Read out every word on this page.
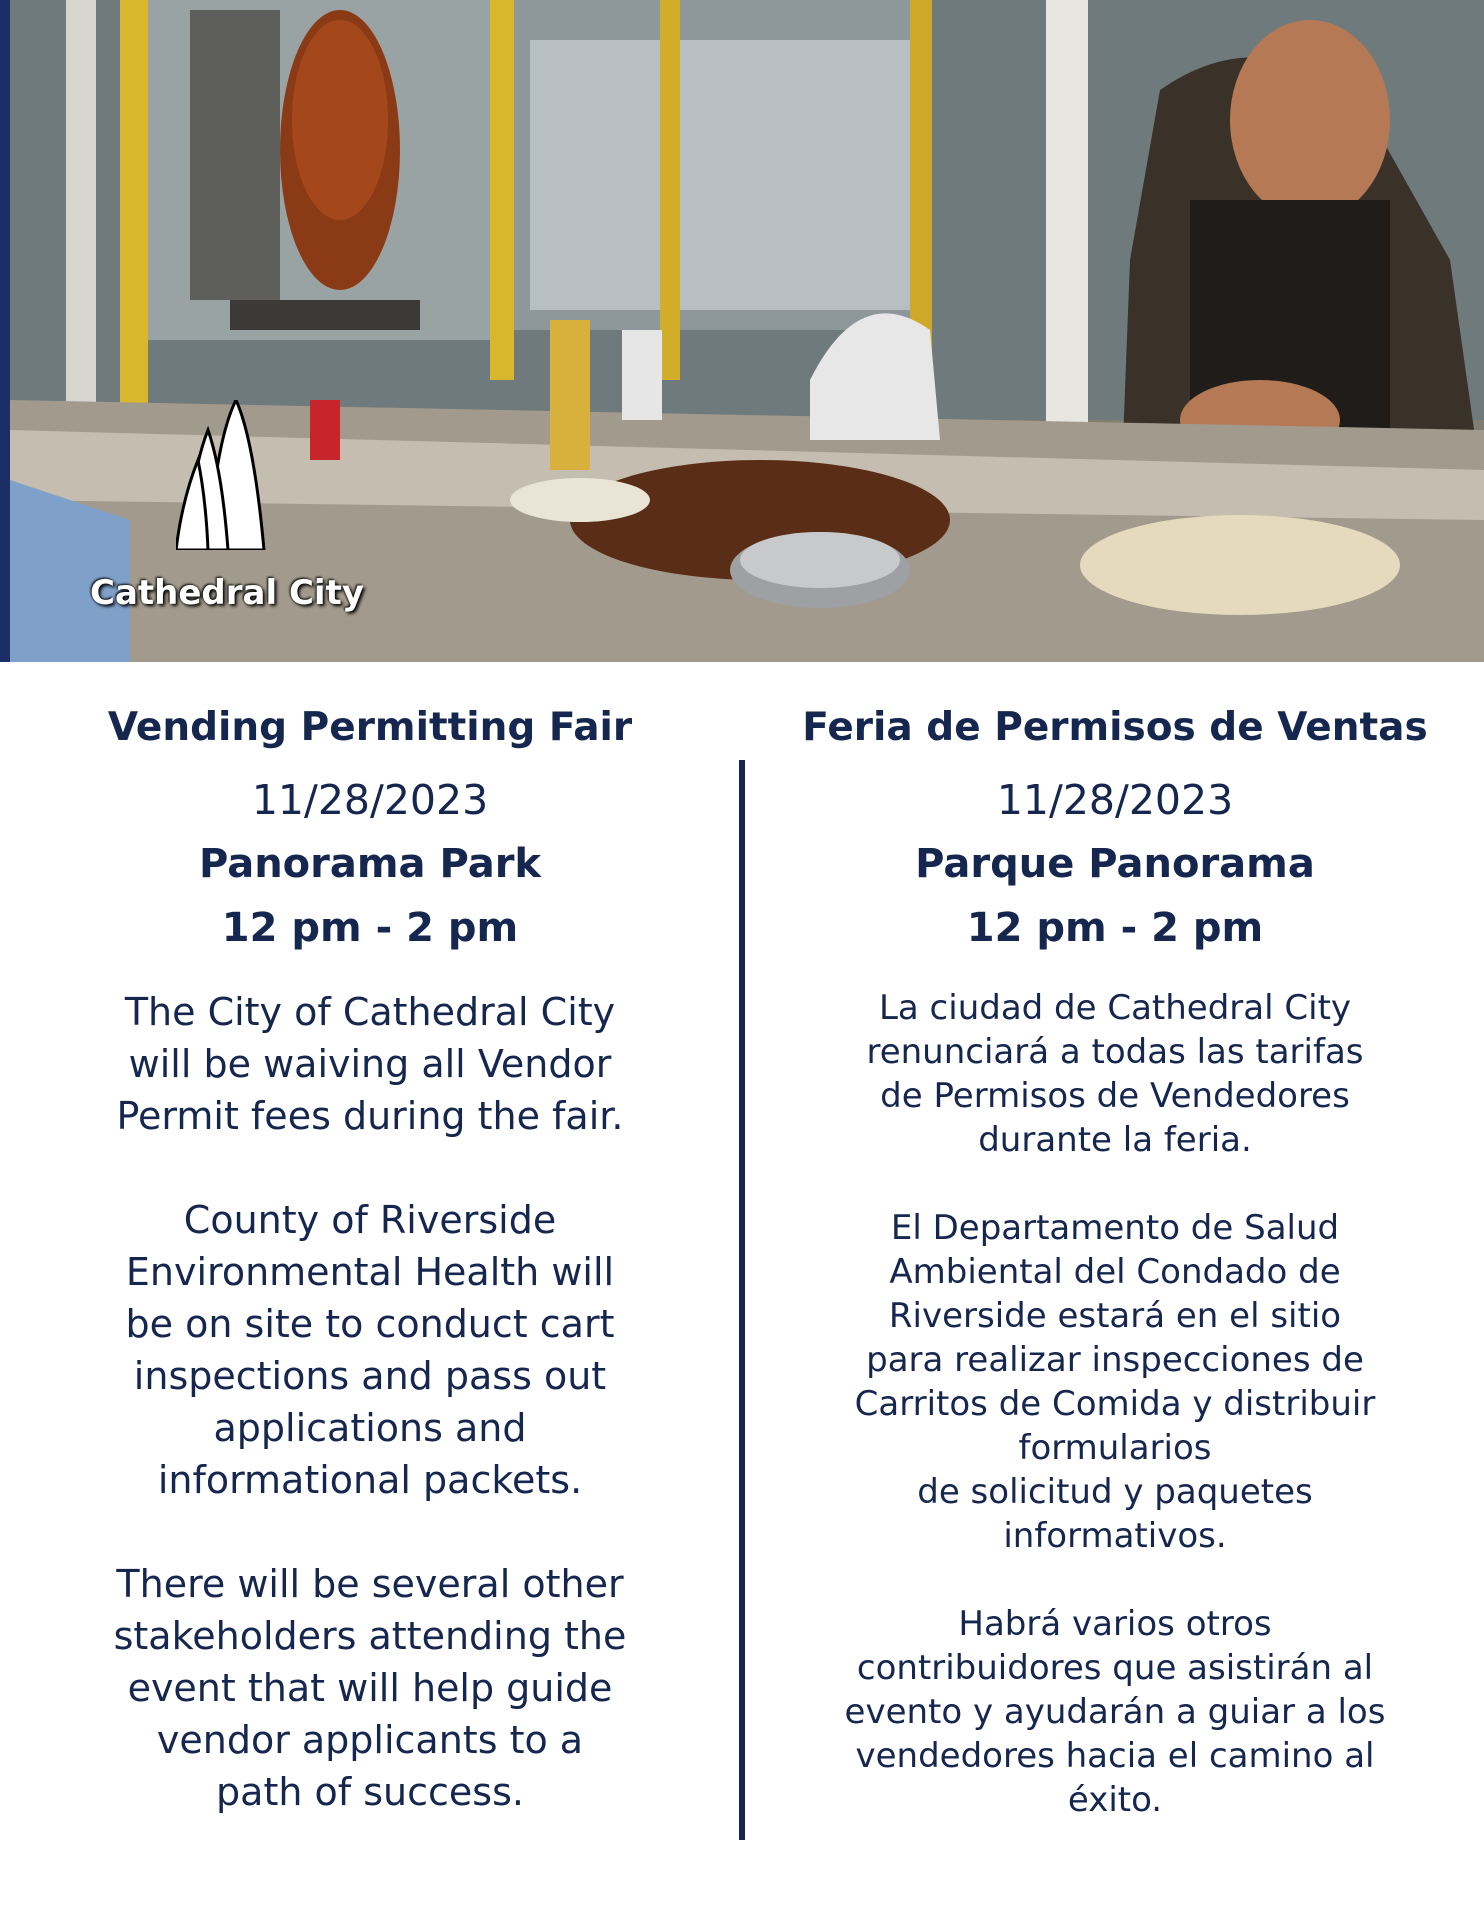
Cathedral City
Vending Permitting Fair
11/28/2023
Panorama Park
12 pm - 2 pm
The City of Cathedral City
will be waiving all Vendor
Permit fees during the fair.
County of Riverside
Environmental Health will
be on site to conduct cart
inspections and pass out
applications and
informational packets.
There will be several other
stakeholders attending the
event that will help guide
vendor applicants to a
path of success.
Feria de Permisos de Ventas
11/28/2023
Parque Panorama
12 pm - 2 pm
La ciudad de Cathedral City
renunciará a todas las tarifas
de Permisos de Vendedores
durante la feria.
El Departamento de Salud
Ambiental del Condado de
Riverside estará en el sitio
para realizar inspecciones de
Carritos de Comida y distribuir
formularios
de solicitud y paquetes
informativos.
Habrá varios otros
contribuidores que asistirán al
evento y ayudarán a guiar a los
vendedores hacia el camino al
éxito.
